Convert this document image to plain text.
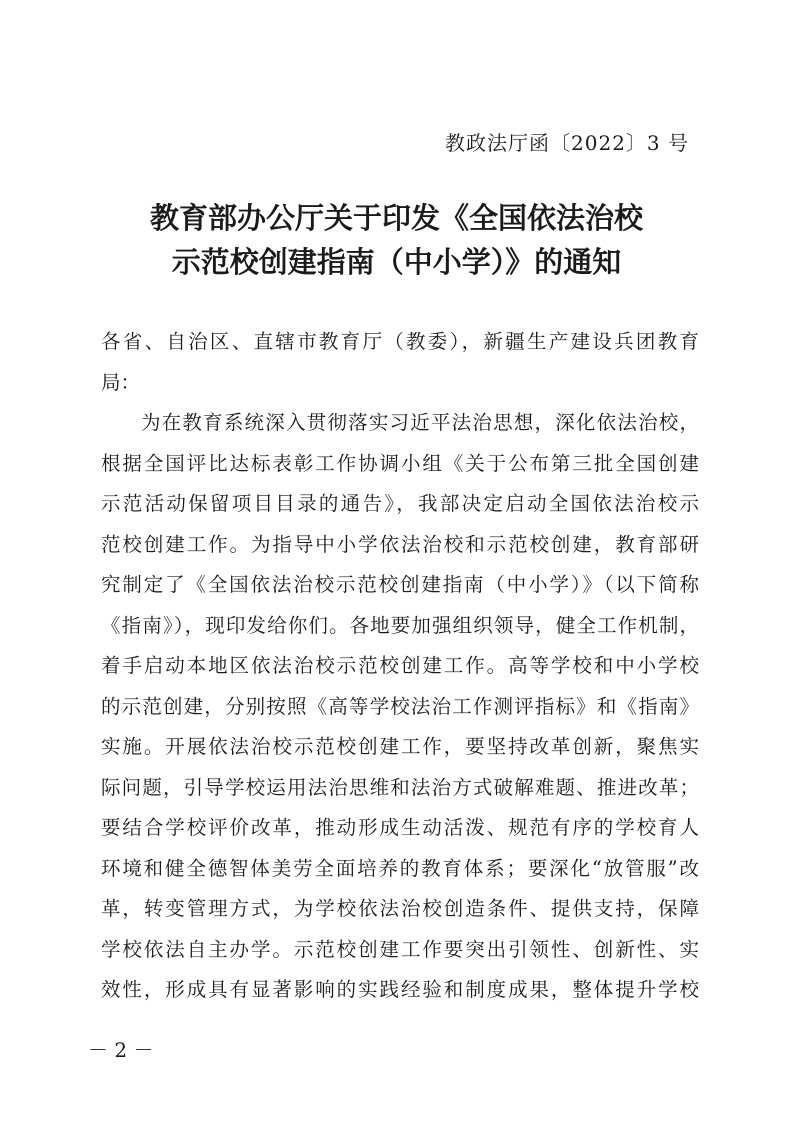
教政法厅函〔2022〕3 号
教育部办公厅关于印发《全国依法治校
示范校创建指南（中小学）》的通知
各省、自治区、直辖市教育厅（教委），新疆生产建设兵团教育
局：
为在教育系统深入贯彻落实习近平法治思想，深化依法治校，
根据全国评比达标表彰工作协调小组《关于公布第三批全国创建
示范活动保留项目目录的通告》，我部决定启动全国依法治校示
范校创建工作。为指导中小学依法治校和示范校创建，教育部研
究制定了《全国依法治校示范校创建指南（中小学）》（以下简称
《指南》），现印发给你们。各地要加强组织领导，健全工作机制，
着手启动本地区依法治校示范校创建工作。高等学校和中小学校
的示范创建，分别按照《高等学校法治工作测评指标》和《指南》
实施。开展依法治校示范校创建工作，要坚持改革创新，聚焦实
际问题，引导学校运用法治思维和法治方式破解难题、推进改革；
要结合学校评价改革，推动形成生动活泼、规范有序的学校育人
环境和健全德智体美劳全面培养的教育体系；要深化“放管服”改
革，转变管理方式，为学校依法治校创造条件、提供支持，保障
学校依法自主办学。示范校创建工作要突出引领性、创新性、实
效性，形成具有显著影响的实践经验和制度成果，整体提升学校
－ 2 －
